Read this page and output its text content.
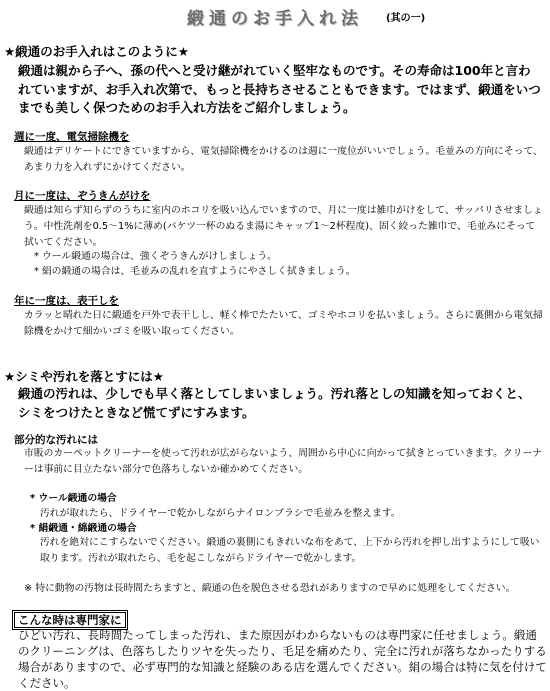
緞通のお手入れ法	(其の一)
★緞通のお手入れはこのように★
緞通は親から子へ、孫の代へと受け継がれていく堅牢なものです。その寿命は100年と言われていますが、お手入れ次第で、もっと長持ちさせることもできます。ではまず、緞通をいつまでも美しく保つためのお手入れ方法をご紹介しましょう。
週に一度、電気掃除機を
緞通はデリケートにできていますから、電気掃除機をかけるのは週に一度位がいいでしょう。毛並みの方向にそって、あまり力を入れずにかけてください。
月に一度は、ぞうきんがけを
緞通は知らず知らずのうちに室内のホコリを吸い込んでいますので、月に一度は雑巾がけをして、サッパリさせましょう。中性洗剤を0.5〜1%に薄め(バケツ一杯のぬるま湯にキャップ1〜2杯程度)、固く絞った雑巾で、毛並みにそって拭いてください。
* ウール緞通の場合は、強くぞうきんがけしましょう。
* 絹の緞通の場合は、毛並みの乱れを直すようにやさしく拭きましょう。
年に一度は、表干しを
カラッと晴れた日に緞通を戸外で表干しし、軽く棒でたたいて、ゴミやホコリを払いましょう。さらに裏側から電気掃除機をかけて細かいゴミを吸い取ってください。
★シミや汚れを落とすには★
緞通の汚れは、少しでも早く落としてしまいましょう。汚れ落としの知識を知っておくと、シミをつけたときなど慌てずにすみます。
部分的な汚れには
市販のカーペットクリーナーを使って汚れが広がらないよう、周囲から中心に向かって拭きとっていきます。クリーナーは事前に目立たない部分で色落ちしないか確かめてください。
* ウール緞通の場合
汚れが取れたら、ドライヤーで乾かしながらナイロンブラシで毛並みを整えます。
* 絹緞通・綿緞通の場合
汚れを絶対にこすらないでください。緞通の裏側にもきれいな布をあて、上下から汚れを押し出すようにして吸い取ります。汚れが取れたら、毛を起こしながらドライヤーで乾かします。
※ 特に動物の汚物は長時間たちますと、緞通の色を脱色させる恐れがありますので早めに処理をしてください。
こんな時は専門家に
ひどい汚れ、長時間たってしまった汚れ、また原因がわからないものは専門家に任せましょう。緞通のクリーニングは、色落ちしたりツヤを失ったり、毛足を痛めたり、完全に汚れが落ちなかったりする場合がありますので、必ず専門的な知識と経験のある店を選んでください。絹の場合は特に気を付けてください。
